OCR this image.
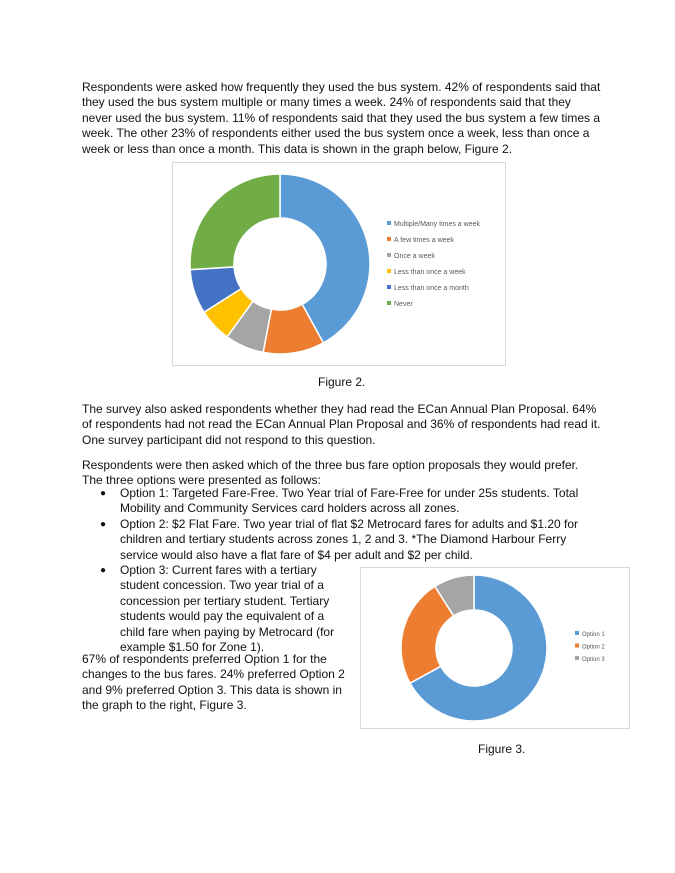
Respondents were asked how frequently they used the bus system. 42% of respondents said that they used the bus system multiple or many times a week. 24% of respondents said that they never used the bus system. 11% of respondents said that they used the bus system a few times a week. The other 23% of respondents either used the bus system once a week, less than once a week or less than once a month. This data is shown in the graph below, Figure 2.

Multiple/Many times a week
A few times a week
Once a week
Less than once a week
Less than once a month
Never
Figure 2.

The survey also asked respondents whether they had read the ECan Annual Plan Proposal. 64% of respondents had not read the ECan Annual Plan Proposal and 36% of respondents had read it. One survey participant did not respond to this question.

Respondents were then asked which of the three bus fare option proposals they would prefer. The three options were presented as follows:

● Option 1: Targeted Fare-Free. Two Year trial of Fare-Free for under 25s students. Total Mobility and Community Services card holders across all zones.
● Option 2: $2 Flat Fare. Two year trial of flat $2 Metrocard fares for adults and $1.20 for children and tertiary students across zones 1, 2 and 3. *The Diamond Harbour Ferry service would also have a flat fare of $4 per adult and $2 per child.
● Option 3: Current fares with a tertiary student concession. Two year trial of a concession per tertiary student. Tertiary students would pay the equivalent of a child fare when paying by Metrocard (for example $1.50 for Zone 1).

67% of respondents preferred Option 1 for the changes to the bus fares. 24% preferred Option 2 and 9% preferred Option 3. This data is shown in the graph to the right, Figure 3.

Option 1
Option 2
Option 3
Figure 3.
